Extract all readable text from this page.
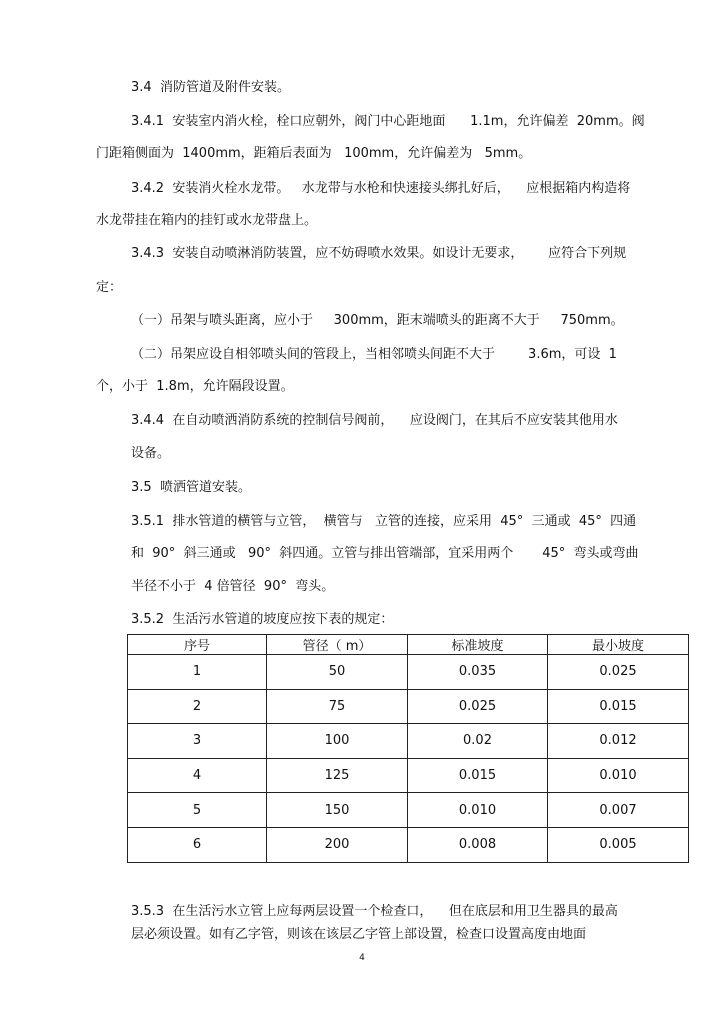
3.4  消防管道及附件安装。
3.4.1  安装室内消火栓，栓口应朝外，阀门中心距地面      1.1m，允许偏差  20mm。阀
门距箱侧面为  1400mm，距箱后表面为   100mm，允许偏差为   5mm。
3.4.2  安装消火栓水龙带。   水龙带与水枪和快速接头绑扎好后，    应根据箱内构造将
水龙带挂在箱内的挂钉或水龙带盘上。
3.4.3  安装自动喷淋消防装置，应不妨碍喷水效果。如设计无要求，      应符合下列规
定：
（一）吊架与喷头距离，应小于     300mm，距末端喷头的距离不大于     750mm。
（二）吊架应设自相邻喷头间的管段上，当相邻喷头间距不大于        3.6m，可设  1
个，小于  1.8m，允许隔段设置。
3.4.4  在自动喷洒消防系统的控制信号阀前，    应设阀门，在其后不应安装其他用水
设备。
3.5  喷洒管道安装。
3.5.1  排水管道的横管与立管，  横管与   立管的连接，应采用  45°  三通或  45°  四通
和  90°  斜三通或   90°  斜四通。立管与排出管端部，宜采用两个       45°  弯头或弯曲
半径不小于  4 倍管径  90°  弯头。
3.5.2  生活污水管道的坡度应按下表的规定：
序号	管径（ m）	标准坡度	最小坡度
1	50	0.035	0.025
2	75	0.025	0.015
3	100	0.02	0.012
4	125	0.015	0.010
5	150	0.010	0.007
6	200	0.008	0.005
3.5.3  在生活污水立管上应每两层设置一个检查口，    但在底层和用卫生器具的最高
层必须设置。如有乙字管，则该在该层乙字管上部设置，检查口设置高度由地面
4
